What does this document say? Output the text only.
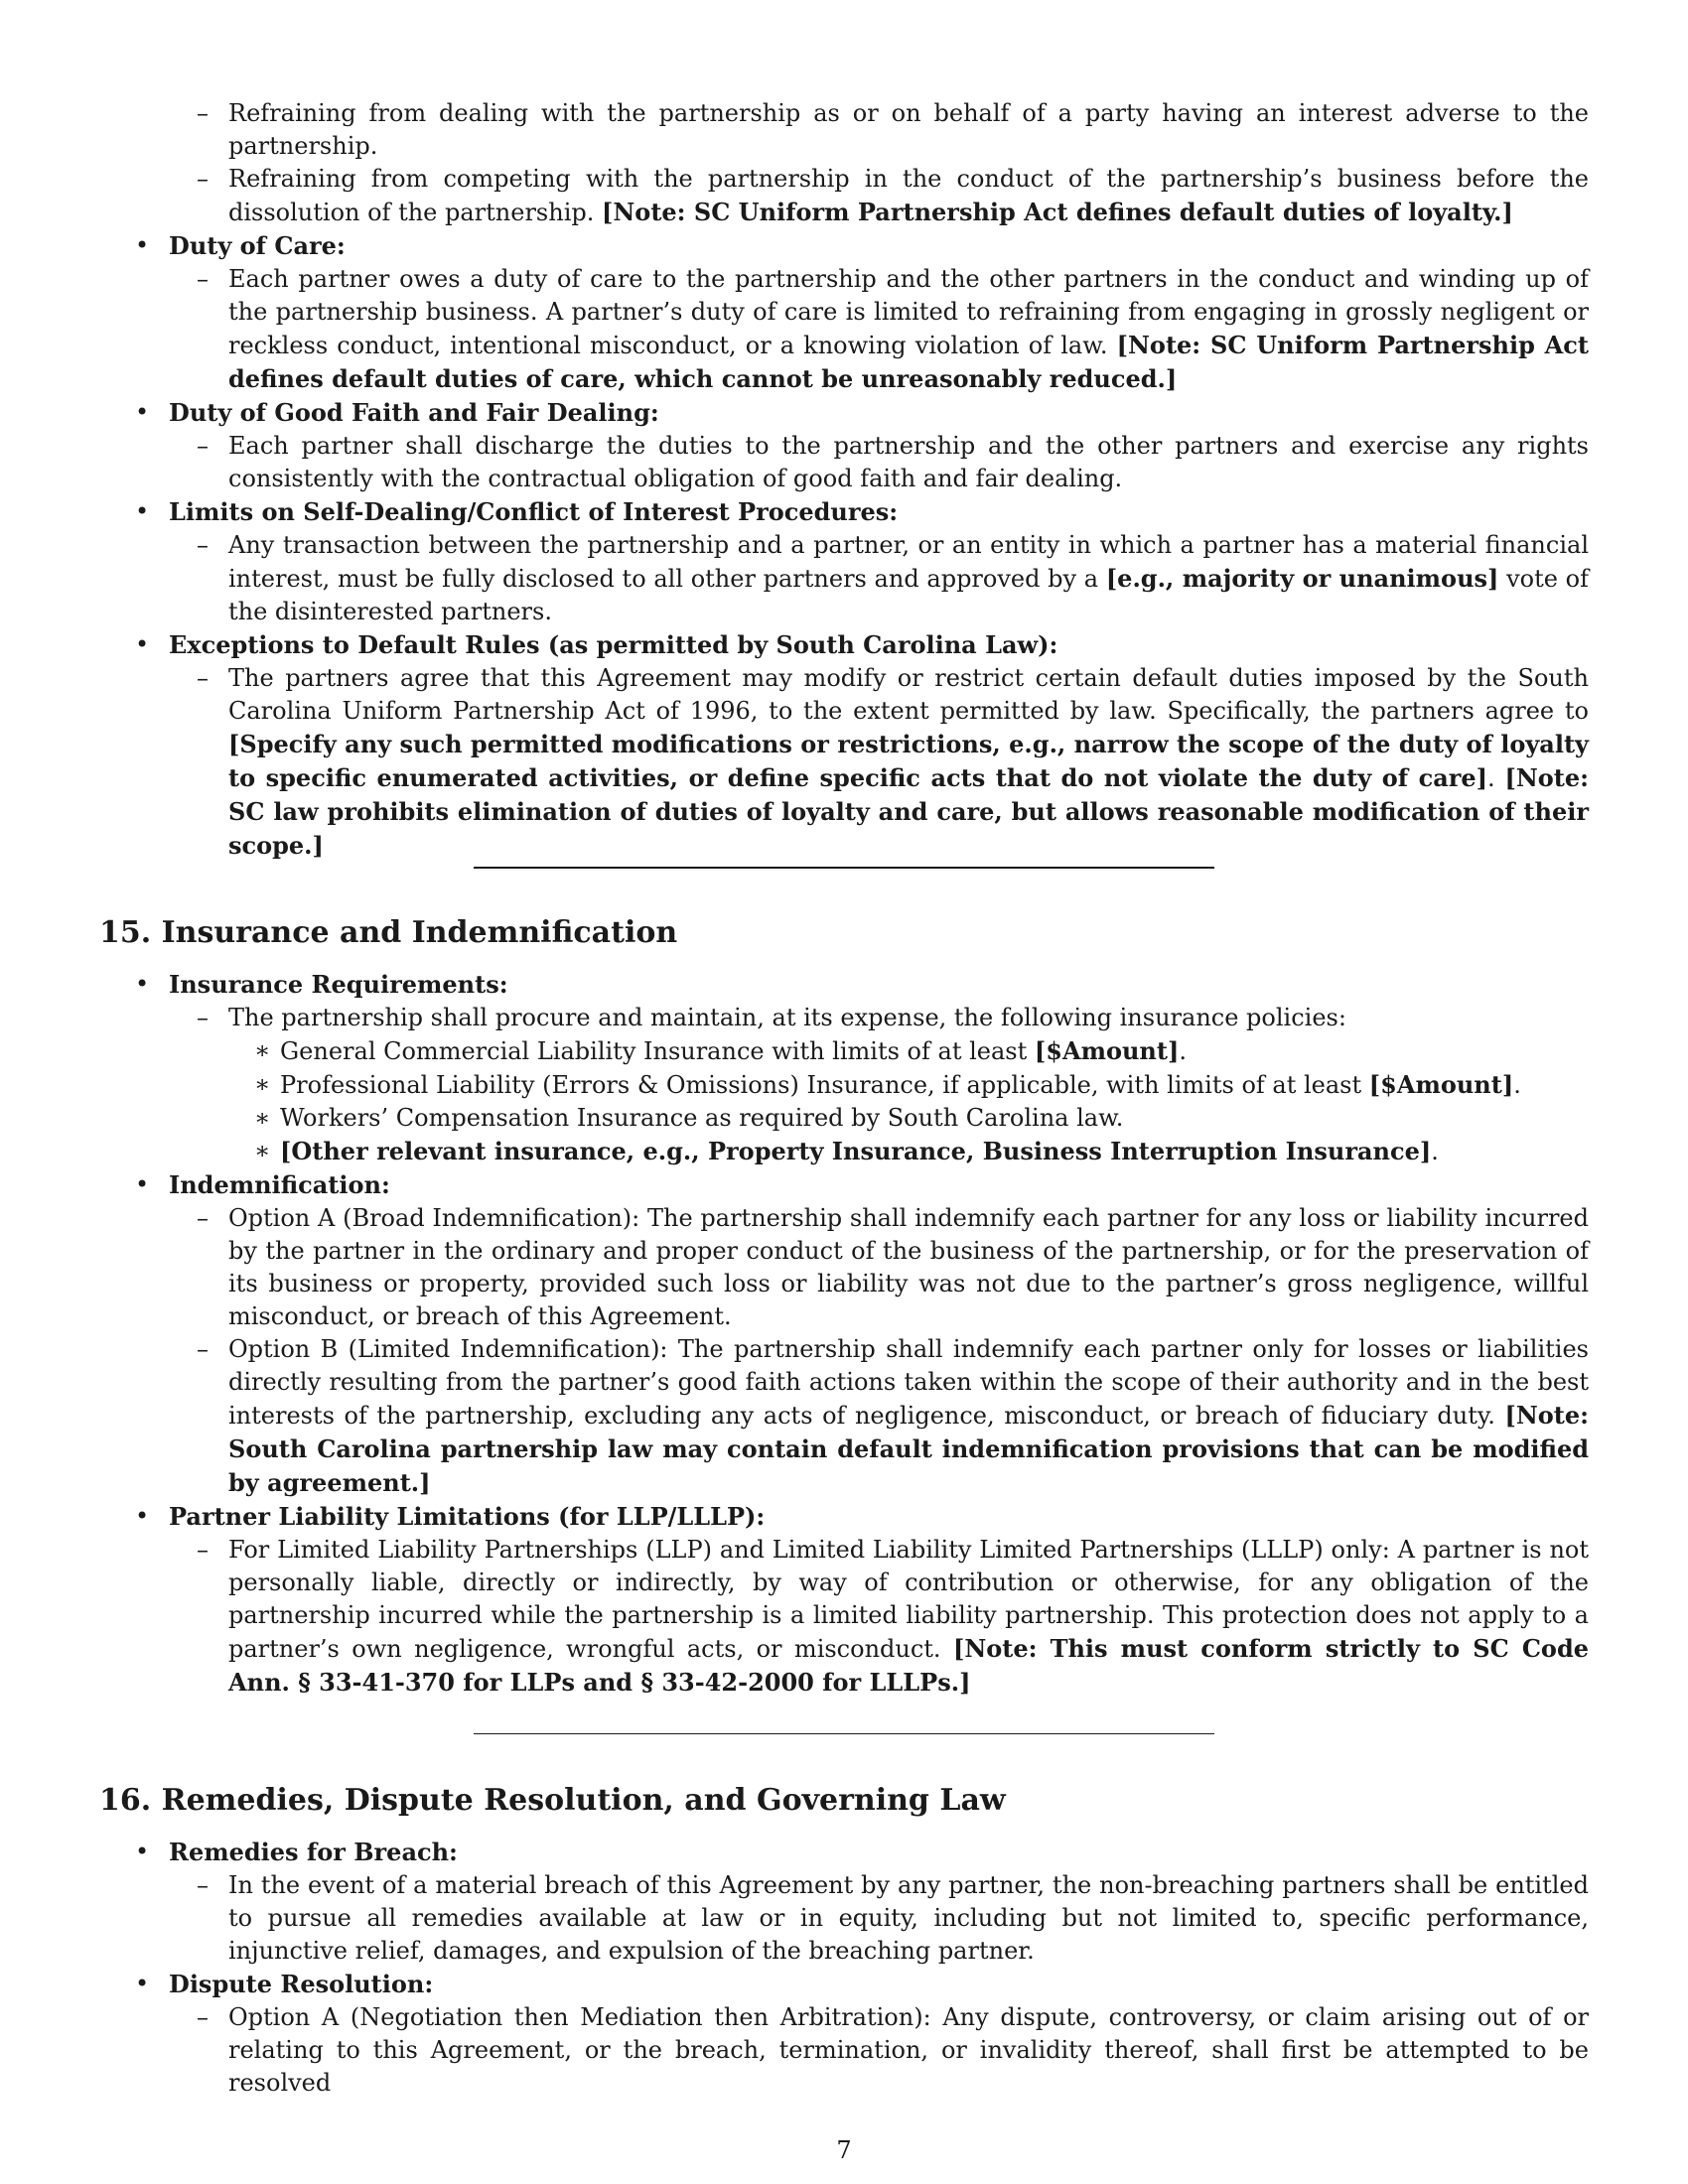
– Refraining from dealing with the partnership as or on behalf of a party having an interest adverse to the partnership.
– Refraining from competing with the partnership in the conduct of the partnership’s business before the dissolution of the partnership. [Note: SC Uniform Partnership Act defines default duties of loyalty.]
• Duty of Care:
– Each partner owes a duty of care to the partnership and the other partners in the conduct and winding up of the partnership business. A partner’s duty of care is limited to refraining from engaging in grossly negligent or reckless conduct, intentional misconduct, or a knowing violation of law. [Note: SC Uniform Partnership Act defines default duties of care, which cannot be unreasonably reduced.]
• Duty of Good Faith and Fair Dealing:
– Each partner shall discharge the duties to the partnership and the other partners and exercise any rights consistently with the contractual obligation of good faith and fair dealing.
• Limits on Self-Dealing/Conflict of Interest Procedures:
– Any transaction between the partnership and a partner, or an entity in which a partner has a material financial interest, must be fully disclosed to all other partners and approved by a [e.g., majority or unanimous] vote of the disinterested partners.
• Exceptions to Default Rules (as permitted by South Carolina Law):
– The partners agree that this Agreement may modify or restrict certain default duties imposed by the South Carolina Uniform Partnership Act of 1996, to the extent permitted by law. Specifically, the partners agree to [Specify any such permitted modifications or restrictions, e.g., narrow the scope of the duty of loyalty to specific enumerated activities, or define specific acts that do not violate the duty of care]. [Note: SC law prohibits elimination of duties of loyalty and care, but allows reasonable modification of their scope.]
15. Insurance and Indemnification
• Insurance Requirements:
– The partnership shall procure and maintain, at its expense, the following insurance policies:
∗ General Commercial Liability Insurance with limits of at least [$Amount].
∗ Professional Liability (Errors & Omissions) Insurance, if applicable, with limits of at least [$Amount].
∗ Workers’ Compensation Insurance as required by South Carolina law.
∗ [Other relevant insurance, e.g., Property Insurance, Business Interruption Insurance].
• Indemnification:
– Option A (Broad Indemnification): The partnership shall indemnify each partner for any loss or liability incurred by the partner in the ordinary and proper conduct of the business of the partnership, or for the preservation of its business or property, provided such loss or liability was not due to the partner’s gross negligence, willful misconduct, or breach of this Agreement.
– Option B (Limited Indemnification): The partnership shall indemnify each partner only for losses or liabilities directly resulting from the partner’s good faith actions taken within the scope of their authority and in the best interests of the partnership, excluding any acts of negligence, misconduct, or breach of fiduciary duty. [Note: South Carolina partnership law may contain default indemnification provisions that can be modified by agreement.]
• Partner Liability Limitations (for LLP/LLLP):
– For Limited Liability Partnerships (LLP) and Limited Liability Limited Partnerships (LLLP) only: A partner is not personally liable, directly or indirectly, by way of contribution or otherwise, for any obligation of the partnership incurred while the partnership is a limited liability partnership. This protection does not apply to a partner’s own negligence, wrongful acts, or misconduct. [Note: This must conform strictly to SC Code Ann. § 33-41-370 for LLPs and § 33-42-2000 for LLLPs.]
16. Remedies, Dispute Resolution, and Governing Law
• Remedies for Breach:
– In the event of a material breach of this Agreement by any partner, the non-breaching partners shall be entitled to pursue all remedies available at law or in equity, including but not limited to, specific performance, injunctive relief, damages, and expulsion of the breaching partner.
• Dispute Resolution:
– Option A (Negotiation then Mediation then Arbitration): Any dispute, controversy, or claim arising out of or relating to this Agreement, or the breach, termination, or invalidity thereof, shall first be attempted to be resolved
7
